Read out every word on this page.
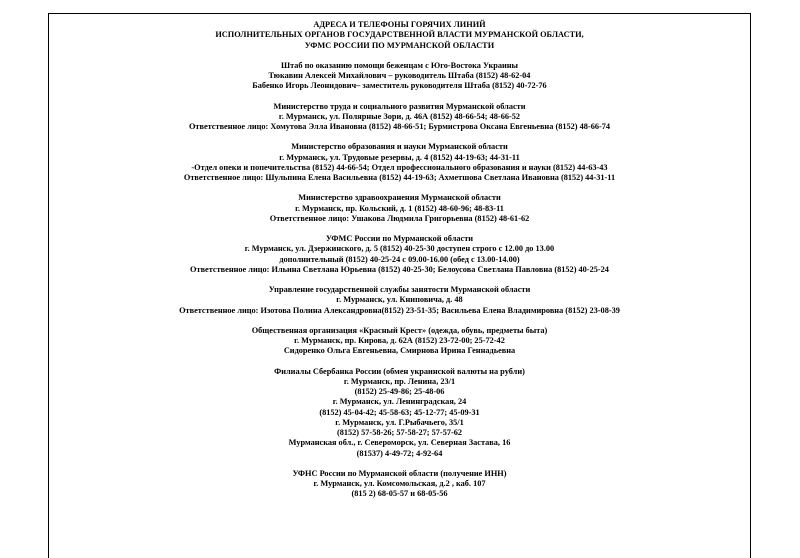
АДРЕСА И ТЕЛЕФОНЫ ГОРЯЧИХ ЛИНИЙ
ИСПОЛНИТЕЛЬНЫХ ОРГАНОВ ГОСУДАРСТВЕННОЙ ВЛАСТИ МУРМАНСКОЙ ОБЛАСТИ,
УФМС РОССИИ ПО МУРМАНСКОЙ ОБЛАСТИ
Штаб по оказанию помощи беженцам с Юго-Востока Украины
Тюкавин Алексей Михайлович – руководитель Штаба (8152) 48-62-04
Бабенко Игорь Леонидович– заместитель руководителя Штаба (8152) 40-72-76
Министерство труда и социального развития Мурманской области
г. Мурманск, ул. Полярные Зори, д. 46А (8152) 48-66-54; 48-66-52
Ответственное лицо: Хомутова Элла Ивановна (8152) 48-66-51; Бурмистрова Оксана Евгеньевна (8152) 48-66-74
Министерство образования и науки Мурманской области
г. Мурманск, ул. Трудовые резервы, д. 4 (8152) 44-19-63; 44-31-11
-Отдел опеки и попечительства (8152) 44-66-54; Отдел профессионального образования и науки (8152) 44-63-43
Ответственное лицо: Шульпина Елена Васильевна (8152) 44-19-63; Ахметшова Светлана Ивановна (8152) 44-31-11
Министерство здравоохранения Мурманской области
г. Мурманск, пр. Кольский, д. 1 (8152) 48-60-96; 48-83-11
Ответственное лицо: Ушакова Людмила Григорьевна (8152) 48-61-62
УФМС России по Мурманской области
г. Мурманск, ул. Дзержинского, д. 5 (8152) 40-25-30 доступен строго с 12.00 до 13.00
дополнительный (8152) 40-25-24 с 09.00-16.00 (обед с 13.00-14.00)
Ответственное лицо: Ильина Светлана Юрьевна (8152) 40-25-30; Белоусова Светлана Павловна (8152) 40-25-24
Управление государственной службы занятости Мурманской области
г. Мурманск, ул. Книповича, д. 48
Ответственное лицо: Изотова Полина Александровна(8152) 23-51-35; Васильева Елена Владимировна (8152) 23-08-39
Общественная организация «Красный Крест» (одежда, обувь, предметы быта)
г. Мурманск, пр. Кирова, д. 62А (8152) 23-72-00; 25-72-42
Сидоренко Ольга Евгеньевна, Смирнова Ирина Геннадьевна
Филиалы Сбербанка России (обмен украинской валюты на рубли)
г. Мурманск, пр. Ленина, 23/1
(8152) 25-49-86; 25-48-06
г. Мурманск, ул. Ленинградская, 24
(8152) 45-04-42; 45-58-63; 45-12-77; 45-09-31
г. Мурманск, ул. Г.Рыбачьего, 35/1
(8152) 57-58-26; 57-58-27; 57-57-62
Мурманская обл., г. Североморск, ул. Северная Застава, 16
(81537) 4-49-72; 4-92-64
УФНС России по Мурманской области (получение ИНН)
г. Мурманск, ул. Комсомольская, д.2 , каб. 107
(815 2) 68-05-57 и 68-05-56
